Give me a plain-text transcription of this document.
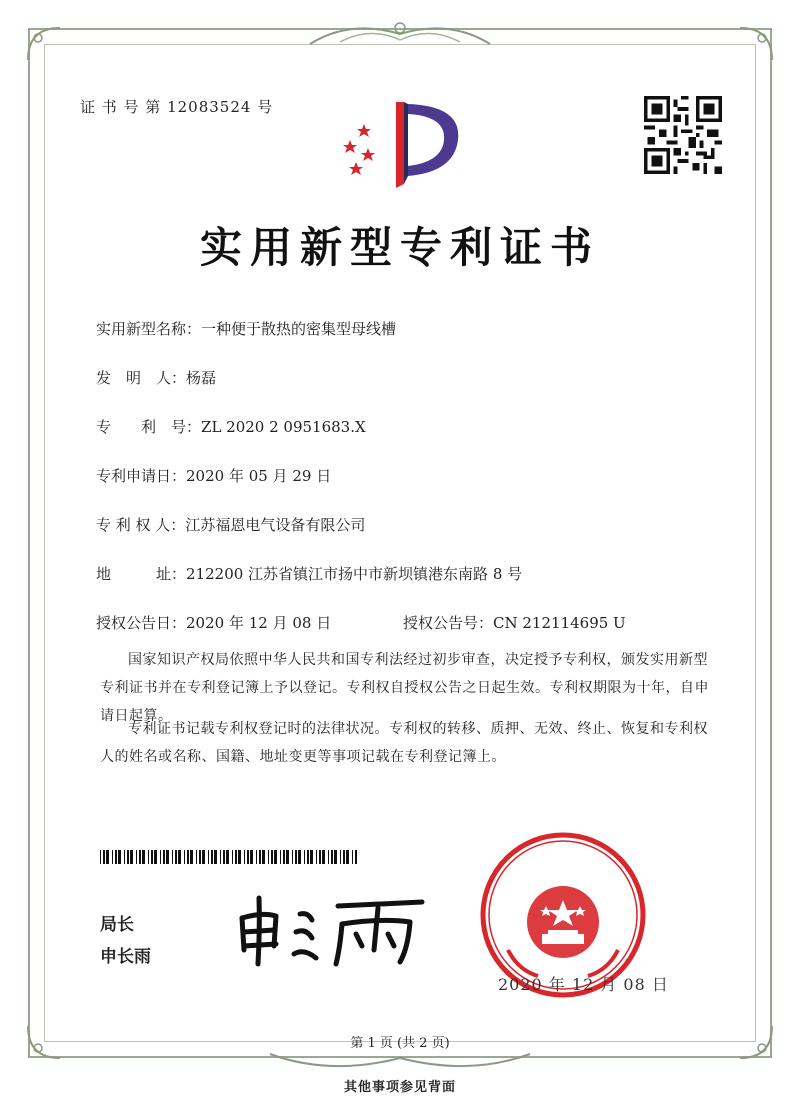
证 书 号 第 12083524 号
实用新型专利证书
实用新型名称：一种便于散热的密集型母线槽
发　明　人：杨磊
专　　利　号：ZL 2020 2 0951683.X
专利申请日：2020 年 05 月 29 日
专 利 权 人：江苏福恩电气设备有限公司
地　　　址：212200 江苏省镇江市扬中市新坝镇港东南路 8 号
授权公告日：2020 年 12 月 08 日	授权公告号：CN 212114695 U
国家知识产权局依照中华人民共和国专利法经过初步审查，决定授予专利权，颁发实用新型专利证书并在专利登记簿上予以登记。专利权自授权公告之日起生效。专利权期限为十年，自申请日起算。
专利证书记载专利权登记时的法律状况。专利权的转移、质押、无效、终止、恢复和专利权人的姓名或名称、国籍、地址变更等事项记载在专利登记簿上。
局长
申长雨
2020 年 12 月 08 日
第 1 页 (共 2 页)
其他事项参见背面
